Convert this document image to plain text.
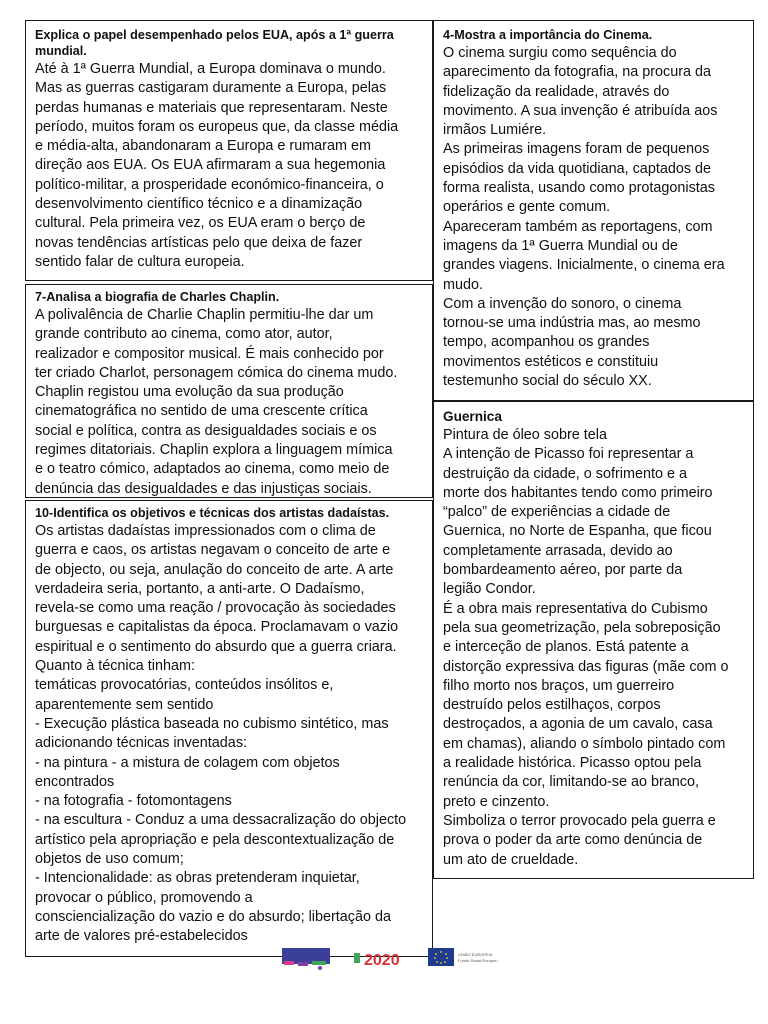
Explica o papel desempenhado pelos EUA, após a 1ª guerra mundial.

Até à 1ª Guerra Mundial, a Europa dominava o mundo.

Mas as guerras castigaram duramente a Europa, pelas

perdas humanas e materiais que representaram. Neste

período, muitos foram os europeus que, da classe média

e média-alta, abandonaram a Europa e rumaram em

direção aos EUA. Os EUA afirmaram a sua hegemonia

político-militar, a prosperidade económico-financeira, o

desenvolvimento científico técnico e a dinamização

cultural. Pela primeira vez, os EUA eram o berço de

novas tendências artísticas pelo que deixa de fazer

sentido falar de cultura europeia.

7-Analisa a biografia de Charles Chaplin.

A polivalência de Charlie Chaplin permitiu-lhe dar um

grande contributo ao cinema, como ator, autor,

realizador e compositor musical. É mais conhecido por

ter criado Charlot, personagem cómica do cinema mudo.

Chaplin registou uma evolução da sua produção

cinematográfica no sentido de uma crescente crítica

social e política, contra as desigualdades sociais e os

regimes ditatoriais. Chaplin explora a linguagem mímica

e o teatro cómico, adaptados ao cinema, como meio de

denúncia das desigualdades e das injustiças sociais.

10-Identifica os objetivos e técnicas dos artistas dadaístas.

Os artistas dadaístas impressionados com o clima de

guerra e caos, os artistas negavam o conceito de arte e

de objecto, ou seja, anulação do conceito de arte. A arte

verdadeira seria, portanto, a anti-arte. O Dadaísmo,

revela-se como uma reação / provocação às sociedades

burguesas e capitalistas da época. Proclamavam o vazio

espiritual e o sentimento do absurdo que a guerra criara.

Quanto à técnica tinham:

temáticas provocatórias, conteúdos insólitos e,

aparentemente sem sentido

- Execução plástica baseada no cubismo sintético, mas

adicionando técnicas inventadas:

- na pintura - a mistura de colagem com objetos

encontrados

- na fotografia - fotomontagens

- na escultura - Conduz a uma dessacralização do objecto

artístico pela apropriação e pela descontextualização de

objetos de uso comum;

- Intencionalidade: as obras pretenderam inquietar,

provocar o público, promovendo a

consciencialização do vazio e do absurdo; libertação da

arte de valores pré-estabelecidos

4-Mostra a importância do Cinema.

O cinema surgiu como sequência do

aparecimento da fotografia, na procura da

fidelização da realidade, através do

movimento. A sua invenção é atribuída aos

irmãos Lumiére.

As primeiras imagens foram de pequenos

episódios da vida quotidiana, captados de

forma realista, usando como protagonistas

operários e gente comum.

Apareceram também as reportagens, com

imagens da 1ª Guerra Mundial ou de

grandes viagens. Inicialmente, o cinema era

mudo.

Com a invenção do sonoro, o cinema

tornou-se uma indústria mas, ao mesmo

tempo, acompanhou os grandes

movimentos estéticos e constituiu

testemunho social do século XX.

Guernica

Pintura de óleo sobre tela

A intenção de Picasso foi representar a

destruição da cidade, o sofrimento e a

morte dos habitantes tendo como primeiro

“palco” de experiências a cidade de

Guernica, no Norte de Espanha, que ficou

completamente arrasada, devido ao

bombardeamento aéreo, por parte da

legião Condor.

É a obra mais representativa do Cubismo

pela sua geometrização, pela sobreposição

e interceção de planos. Está patente a

distorção expressiva das figuras (mãe com o

filho morto nos braços, um guerreiro

destruído pelos estilhaços, corpos

destroçados, a agonia de um cavalo, casa

em chamas), aliando o símbolo pintado com

a realidade histórica. Picasso optou pela

renúncia da cor, limitando-se ao branco,

preto e cinzento.

Simboliza o terror provocado pela guerra e

prova o poder da arte como denúncia de

um ato de crueldade.

2020	UNIÃO EUROPEIA
Fundo Social Europeu
